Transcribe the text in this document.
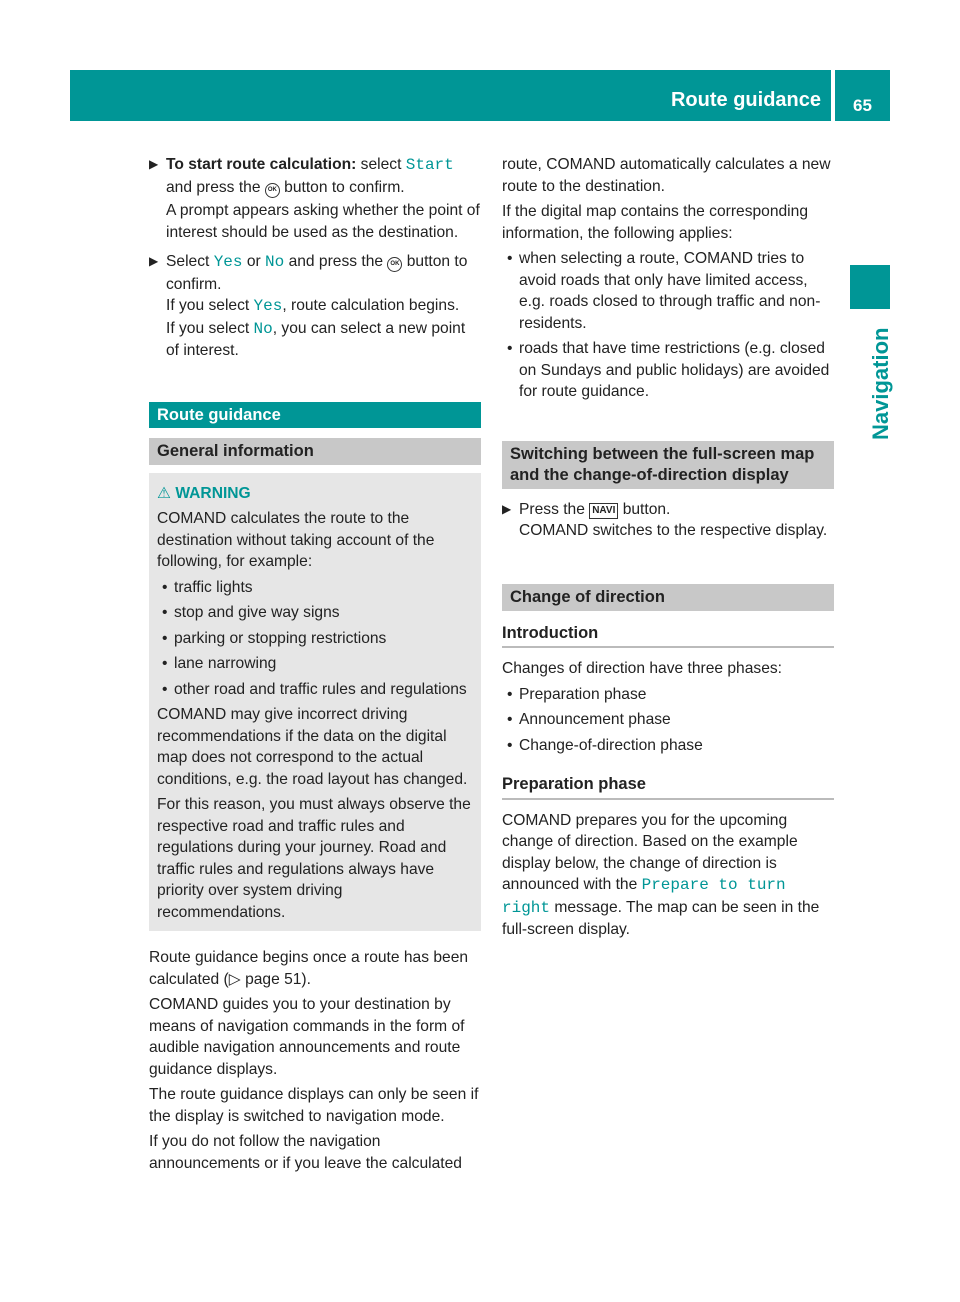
Route guidance	65
Navigation
▶ To start route calculation: select Start and press the OK button to confirm.
A prompt appears asking whether the point of interest should be used as the destination.
▶ Select Yes or No and press the OK button to confirm.
If you select Yes, route calculation begins.
If you select No, you can select a new point of interest.
Route guidance
General information
⚠ WARNING

COMAND calculates the route to the destination without taking account of the following, for example:

• traffic lights
• stop and give way signs
• parking or stopping restrictions
• lane narrowing
• other road and traffic rules and regulations

COMAND may give incorrect driving recommendations if the data on the digital map does not correspond to the actual conditions, e.g. the road layout has changed.

For this reason, you must always observe the respective road and traffic rules and regulations during your journey. Road and traffic rules and regulations always have priority over system driving recommendations.

Route guidance begins once a route has been calculated (▷ page 51).

COMAND guides you to your destination by means of navigation commands in the form of audible navigation announcements and route guidance displays.

The route guidance displays can only be seen if the display is switched to navigation mode.

If you do not follow the navigation announcements or if you leave the calculated

route, COMAND automatically calculates a new route to the destination.

If the digital map contains the corresponding information, the following applies:

• when selecting a route, COMAND tries to avoid roads that only have limited access, e.g. roads closed to through traffic and non-residents.
• roads that have time restrictions (e.g. closed on Sundays and public holidays) are avoided for route guidance.
Switching between the full-screen map and the change-of-direction display
▶ Press the NAVI button.
COMAND switches to the respective display.
Change of direction
Introduction

Changes of direction have three phases:

• Preparation phase
• Announcement phase
• Change-of-direction phase
Preparation phase

COMAND prepares you for the upcoming change of direction. Based on the example display below, the change of direction is announced with the Prepare to turn right message. The map can be seen in the full-screen display.
